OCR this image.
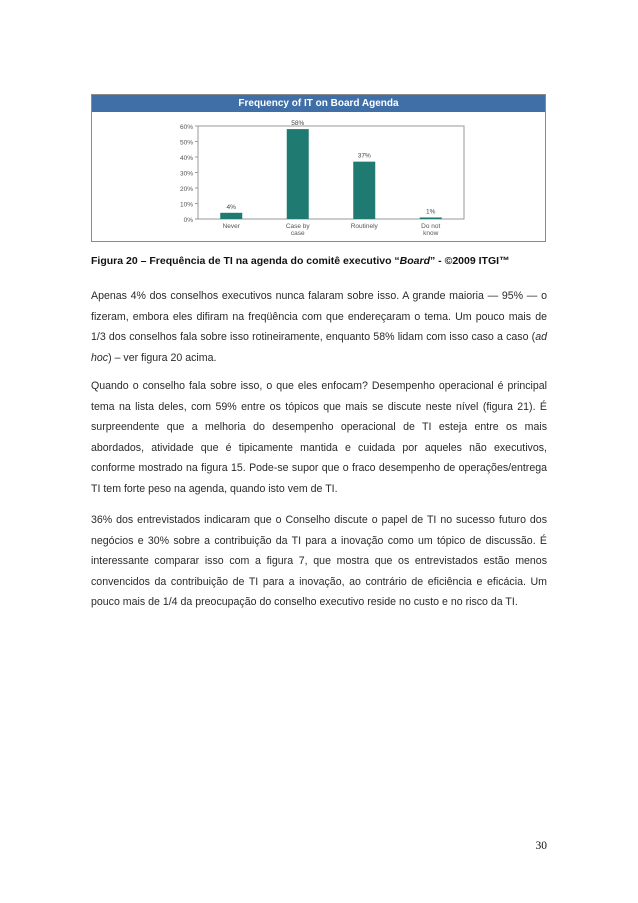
Frequency of IT on Board Agenda
0%
10%
20%
30%
40%
50%
60%
4%
Never
58%
Case by
case
37%
Routinely
1%
Do not
know
Figura 20 – Frequência de TI na agenda do comitê executivo “Board” - ©2009 ITGI™

Apenas 4% dos conselhos executivos nunca falaram sobre isso. A grande maioria — 95% — o fizeram, embora eles difiram na freqüência com que endereçaram o tema. Um pouco mais de 1/3 dos conselhos fala sobre isso rotineiramente, enquanto 58% lidam com isso caso a caso (ad hoc) – ver figura 20 acima.

Quando o conselho fala sobre isso, o que eles enfocam? Desempenho operacional é principal tema na lista deles, com 59% entre os tópicos que mais se discute neste nível (figura 21). É surpreendente que a melhoria do desempenho operacional de TI esteja entre os mais abordados, atividade que é tipicamente mantida e cuidada por aqueles não executivos, conforme mostrado na figura 15. Pode-se supor que o fraco desempenho de operações/entrega TI tem forte peso na agenda, quando isto vem de TI.

36% dos entrevistados indicaram que o Conselho discute o papel de TI no sucesso futuro dos negócios e 30% sobre a contribuição da TI para a inovação como um tópico de discussão. É interessante comparar isso com a figura 7, que mostra que os entrevistados estão menos convencidos da contribuição de TI para a inovação, ao contrário de eficiência e eficácia. Um pouco mais de 1/4 da preocupação do conselho executivo reside no custo e no risco da TI.

30
